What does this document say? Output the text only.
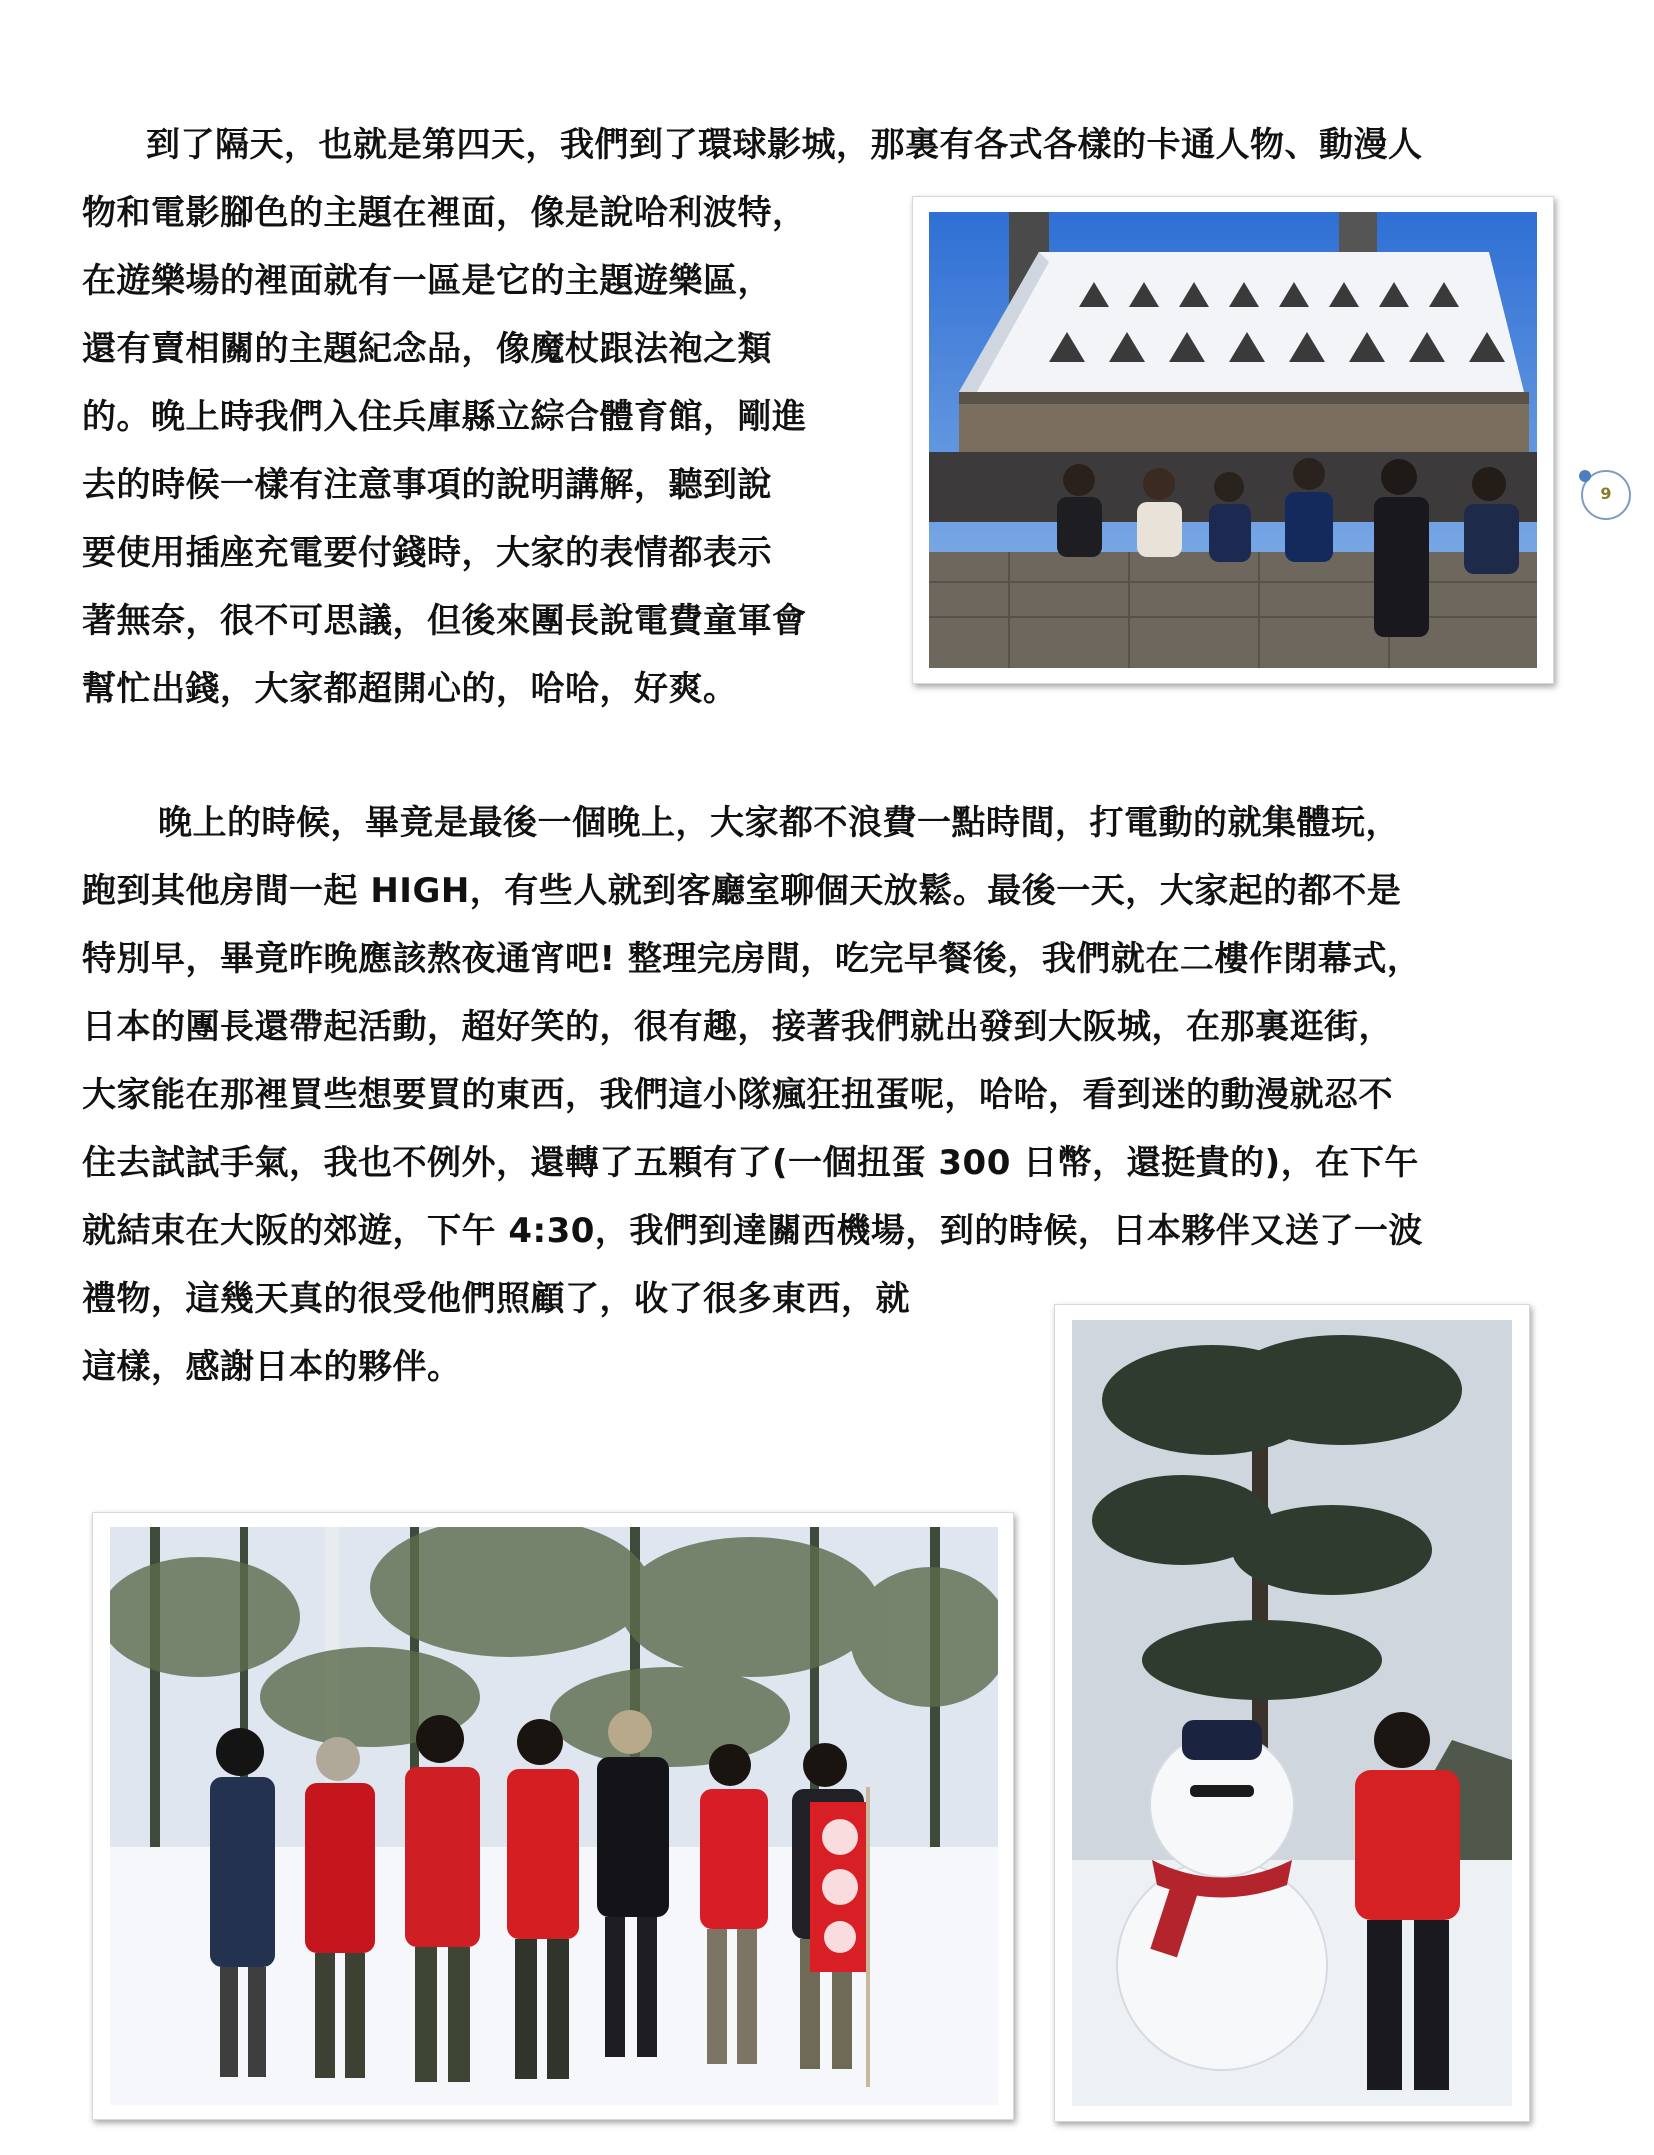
到了隔天，也就是第四天，我們到了環球影城，那裏有各式各樣的卡通人物、動漫人

物和電影腳色的主題在裡面，像是說哈利波特，

在遊樂場的裡面就有一區是它的主題遊樂區，

還有賣相關的主題紀念品，像魔杖跟法袍之類

的。晚上時我們入住兵庫縣立綜合體育館，剛進

去的時候一樣有注意事項的說明講解，聽到說

要使用插座充電要付錢時，大家的表情都表示

著無奈，很不可思議，但後來團長說電費童軍會

幫忙出錢，大家都超開心的，哈哈，好爽。

晚上的時候，畢竟是最後一個晚上，大家都不浪費一點時間，打電動的就集體玩，

跑到其他房間一起 HIGH，有些人就到客廳室聊個天放鬆。最後一天，大家起的都不是

特別早，畢竟昨晚應該熬夜通宵吧! 整理完房間，吃完早餐後，我們就在二樓作閉幕式，

日本的團長還帶起活動，超好笑的，很有趣，接著我們就出發到大阪城，在那裏逛街，

大家能在那裡買些想要買的東西，我們這小隊瘋狂扭蛋呢，哈哈，看到迷的動漫就忍不

住去試試手氣，我也不例外，還轉了五顆有了(一個扭蛋 300 日幣，還挺貴的)，在下午

就結束在大阪的郊遊，下午 4:30，我們到達關西機場，到的時候，日本夥伴又送了一波

禮物，這幾天真的很受他們照顧了，收了很多東西，就

這樣，感謝日本的夥伴。

9
